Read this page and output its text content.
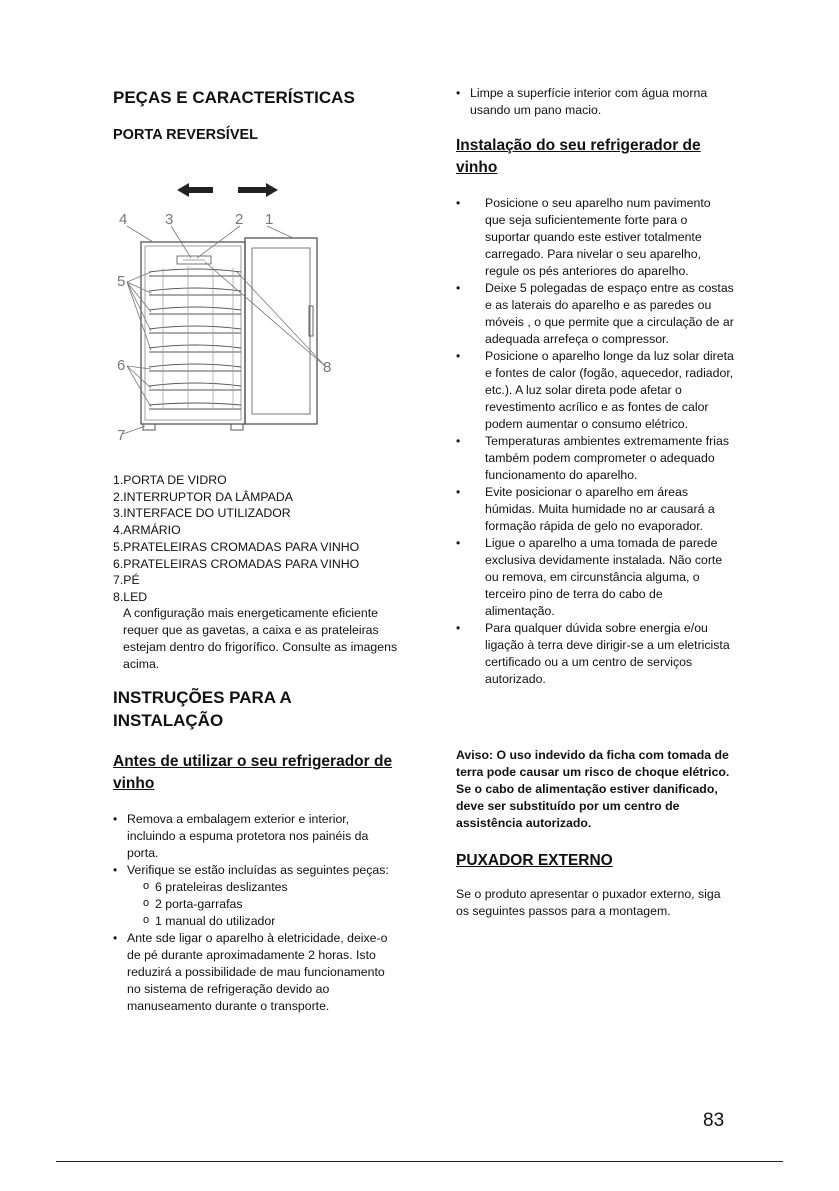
PEÇAS E CARACTERÍSTICAS
PORTA REVERSÍVEL
4	3	2 1
5
6
7
8
1.PORTA DE VIDRO
2.INTERRUPTOR DA LÂMPADA
3.INTERFACE DO UTILIZADOR
4.ARMÁRIO
5.PRATELEIRAS CROMADAS PARA VINHO
6.PRATELEIRAS CROMADAS PARA VINHO
7.PÉ
8.LED

A configuração mais energeticamente eficiente requer que as gavetas, a caixa e as prateleiras estejam dentro do frigorífico. Consulte as imagens acima.

INSTRUÇÕES PARA A INSTALAÇÃO
Antes de utilizar o seu refrigerador de vinho
• Remova a embalagem exterior e interior, incluindo a espuma protetora nos painéis da porta.
• Verifique se estão incluídas as seguintes peças:
o 6 prateleiras deslizantes
o 2 porta-garrafas
o 1 manual do utilizador
• Ante sde ligar o aparelho à eletricidade, deixe-o de pé durante aproximadamente 2 horas. Isto reduzirá a possibilidade de mau funcionamento no sistema de refrigeração devido ao manuseamento durante o transporte.
• Limpe a superfície interior com água morna usando um pano macio.
Instalação do seu refrigerador de vinho
• Posicione o seu aparelho num pavimento que seja suficientemente forte para o suportar quando este estiver totalmente carregado. Para nivelar o seu aparelho, regule os pés anteriores do aparelho.
• Deixe 5 polegadas de espaço entre as costas e as laterais do aparelho e as paredes ou móveis , o que permite que a circulação de ar adequada arrefeça o compressor.
• Posicione o aparelho longe da luz solar direta e fontes de calor (fogão, aquecedor, radiador, etc.). A luz solar direta pode afetar o revestimento acrílico e as fontes de calor podem aumentar o consumo elétrico.
• Temperaturas ambientes extremamente frias também podem comprometer o adequado funcionamento do aparelho.
• Evite posicionar o aparelho em áreas húmidas. Muita humidade no ar causará a formação rápida de gelo no evaporador.
• Ligue o aparelho a uma tomada de parede exclusiva devidamente instalada. Não corte ou remova, em circunstância alguma, o terceiro pino de terra do cabo de alimentação.
• Para qualquer dúvida sobre energia e/ou ligação à terra deve dirigir-se a um eletricista certificado ou a um centro de serviços autorizado.

Aviso: O uso indevido da ficha com tomada de terra pode causar um risco de choque elétrico. Se o cabo de alimentação estiver danificado, deve ser substituído por um centro de assistência autorizado.

PUXADOR EXTERNO

Se o produto apresentar o puxador externo, siga os seguintes passos para a montagem.

83
